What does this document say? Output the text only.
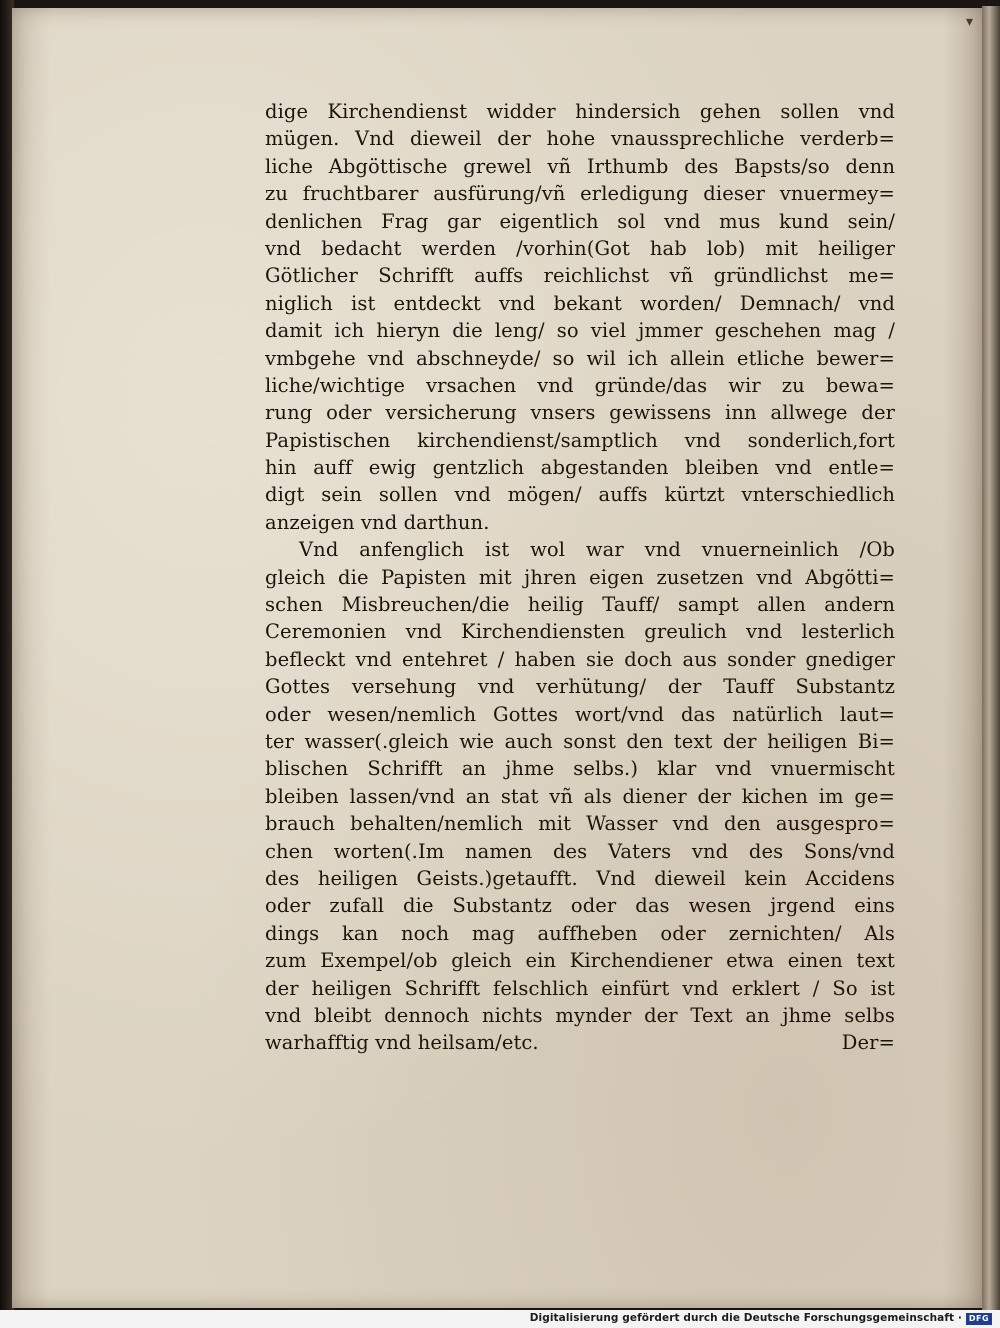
▾
dige Kirchendienst widder hindersich gehen sollen vnd
mügen. Vnd dieweil der hohe vnaussprechliche verderb=
liche Abgöttische grewel vñ Irthumb des Bapsts/so denn
zu fruchtbarer ausfürung/vñ erledigung dieser vnuermey=
denlichen Frag gar eigentlich sol vnd mus kund sein/
vnd bedacht werden /vorhin(Got hab lob) mit heiliger
Götlicher Schrifft auffs reichlichst vñ gründlichst me=
niglich ist entdeckt vnd bekant worden/ Demnach/ vnd
damit ich hieryn die leng/ so viel jmmer geschehen mag /
vmbgehe vnd abschneyde/ so wil ich allein etliche bewer=
liche/wichtige vrsachen vnd gründe/das wir zu bewa=
rung oder versicherung vnsers gewissens inn allwege der
Papistischen kirchendienst/samptlich vnd sonderlich,fort
hin auff ewig gentzlich abgestanden bleiben vnd entle=
digt sein sollen vnd mögen/ auffs kürtzt vnterschiedlich
anzeigen vnd darthun.
Vnd anfenglich ist wol war vnd vnuerneinlich /Ob
gleich die Papisten mit jhren eigen zusetzen vnd Abgötti=
schen Misbreuchen/die heilig Tauff/ sampt allen andern
Ceremonien vnd Kirchendiensten greulich vnd lesterlich
befleckt vnd entehret / haben sie doch aus sonder gnediger
Gottes versehung vnd verhütung/ der Tauff Substantz
oder wesen/nemlich Gottes wort/vnd das natürlich laut=
ter wasser(.gleich wie auch sonst den text der heiligen Bi=
blischen Schrifft an jhme selbs.) klar vnd vnuermischt
bleiben lassen/vnd an stat vñ als diener der kichen im ge=
brauch behalten/nemlich mit Wasser vnd den ausgespro=
chen worten(.Im namen des Vaters vnd des Sons/vnd
des heiligen Geists.)getaufft. Vnd dieweil kein Accidens
oder zufall die Substantz oder das wesen jrgend eins
dings kan noch mag auffheben oder zernichten/ Als
zum Exempel/ob gleich ein Kirchendiener etwa einen text
der heiligen Schrifft felschlich einfürt vnd erklert / So ist
vnd bleibt dennoch nichts mynder der Text an jhme selbs
warhafftig vnd heilsam/etc.	Der=
Digitalisierung gefördert durch die Deutsche Forschungsgemeinschaft · DFG
